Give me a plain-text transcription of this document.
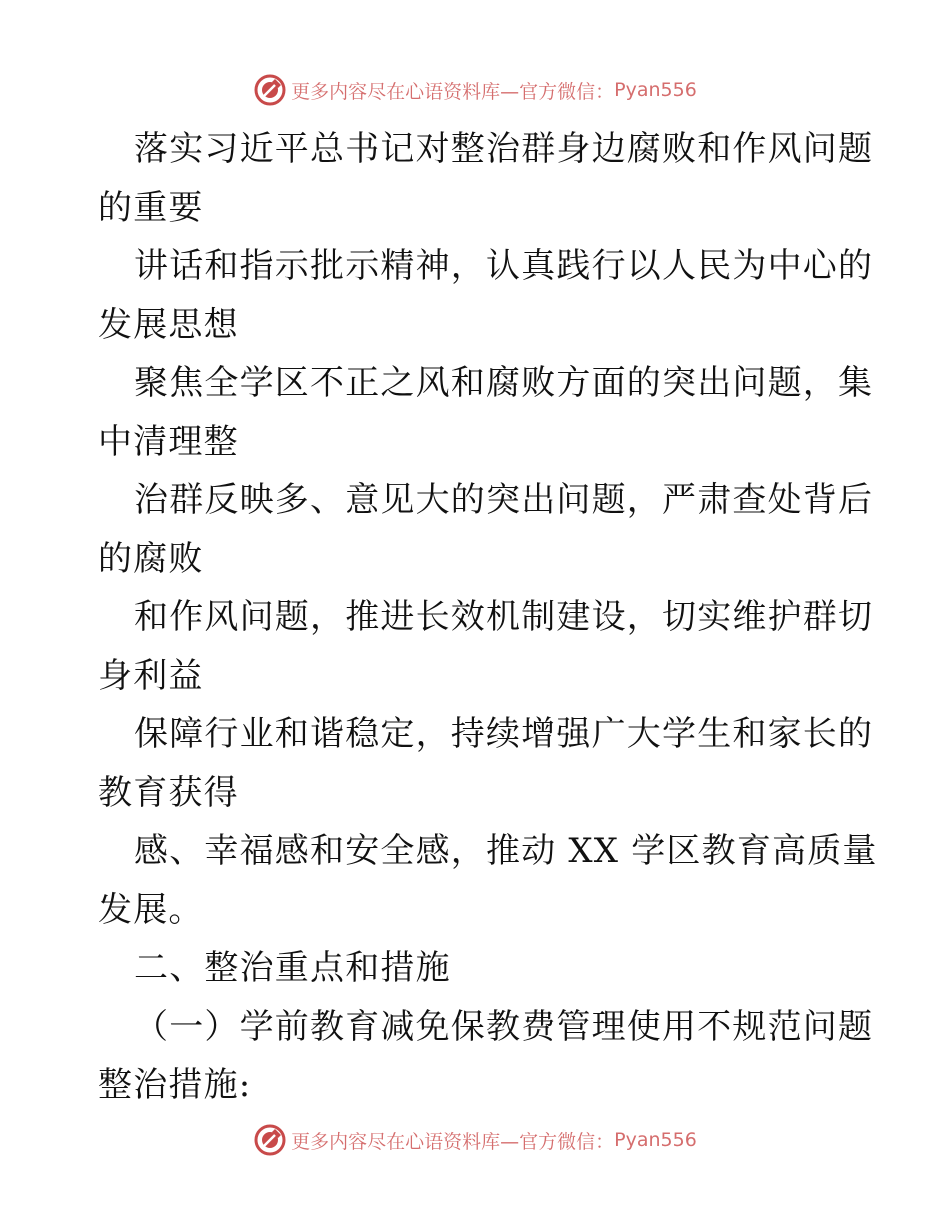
更多内容尽在心语资料库—官方微信： Pyan556
落实习近平总书记对整治群身边腐败和作风问题
的重要
讲话和指示批示精神，认真践行以人民为中心的
发展思想
聚焦全学区不正之风和腐败方面的突出问题，集
中清理整
治群反映多、意见大的突出问题，严肃查处背后
的腐败
和作风问题，推进长效机制建设，切实维护群切
身利益
保障行业和谐稳定，持续增强广大学生和家长的
教育获得
感、幸福感和安全感，推动 XX 学区教育高质量
发展。
二、整治重点和措施
（一）学前教育减免保教费管理使用不规范问题
整治措施:
更多内容尽在心语资料库—官方微信： Pyan556
